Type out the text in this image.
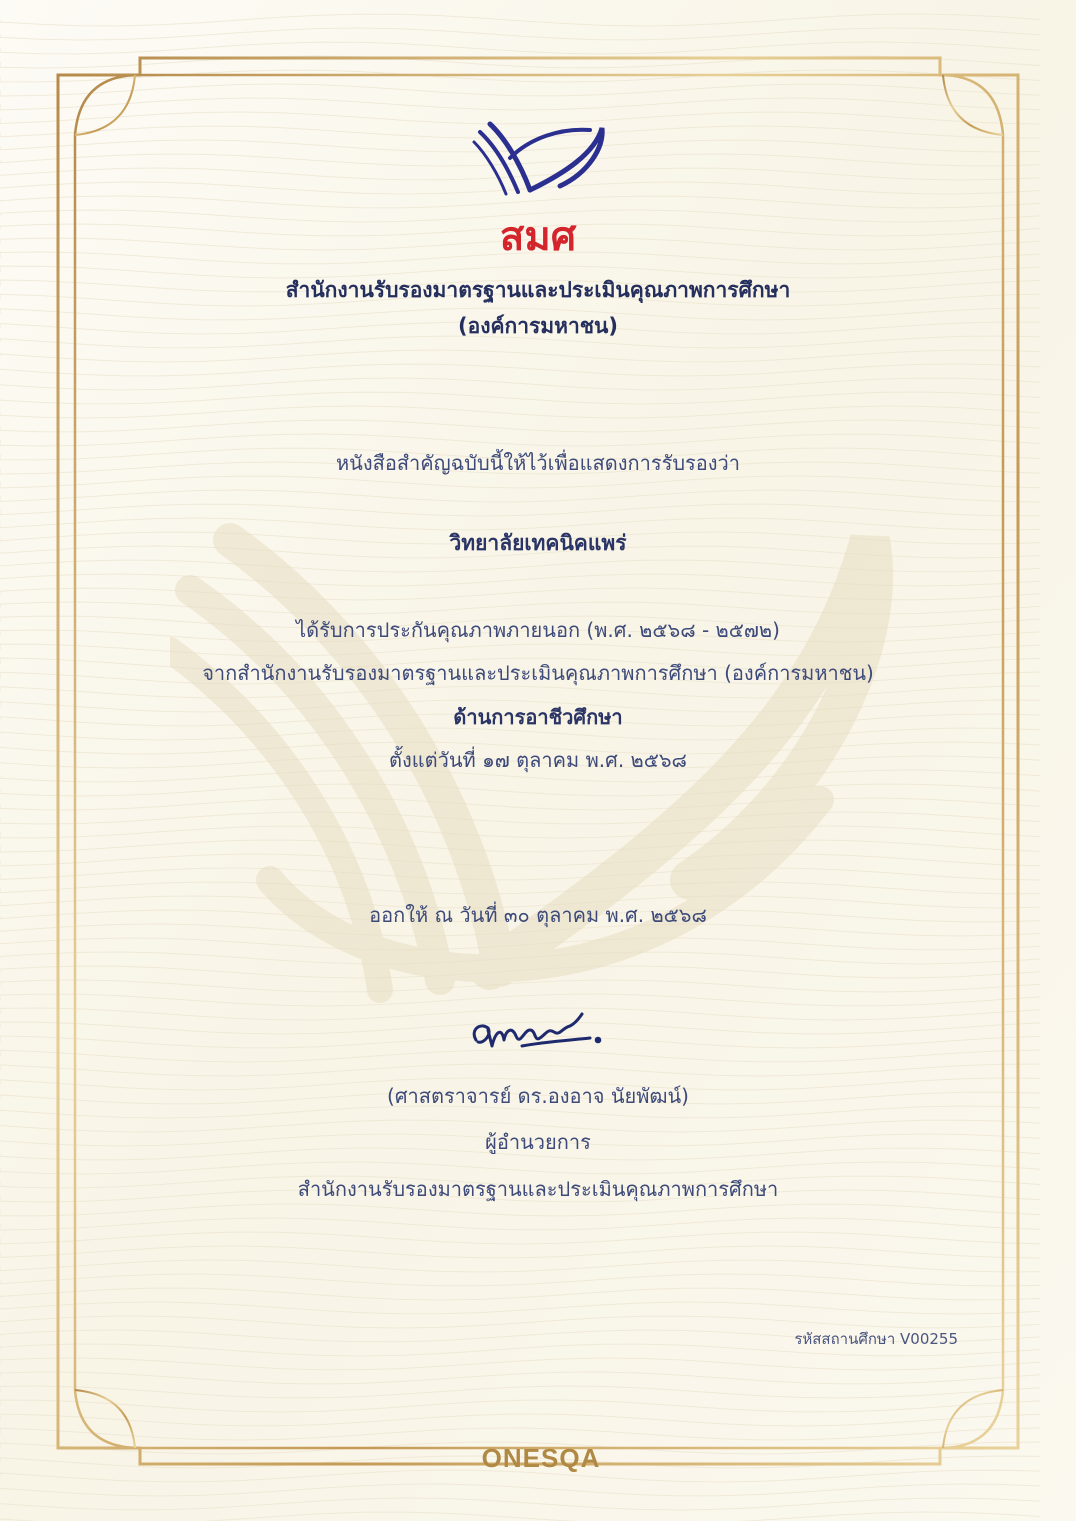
สมศ
สำนักงานรับรองมาตรฐานและประเมินคุณภาพการศึกษา
(องค์การมหาชน)
หนังสือสำคัญฉบับนี้ให้ไว้เพื่อแสดงการรับรองว่า
วิทยาลัยเทคนิคแพร่
ได้รับการประกันคุณภาพภายนอก (พ.ศ. ๒๕๖๘ - ๒๕๗๒)
จากสำนักงานรับรองมาตรฐานและประเมินคุณภาพการศึกษา (องค์การมหาชน)
ด้านการอาชีวศึกษา
ตั้งแต่วันที่ ๑๗ ตุลาคม พ.ศ. ๒๕๖๘
ออกให้ ณ วันที่ ๓๐ ตุลาคม พ.ศ. ๒๕๖๘
(ศาสตราจารย์ ดร.องอาจ นัยพัฒน์)
ผู้อำนวยการ
สำนักงานรับรองมาตรฐานและประเมินคุณภาพการศึกษา
รหัสสถานศึกษา V00255
ONESQA
